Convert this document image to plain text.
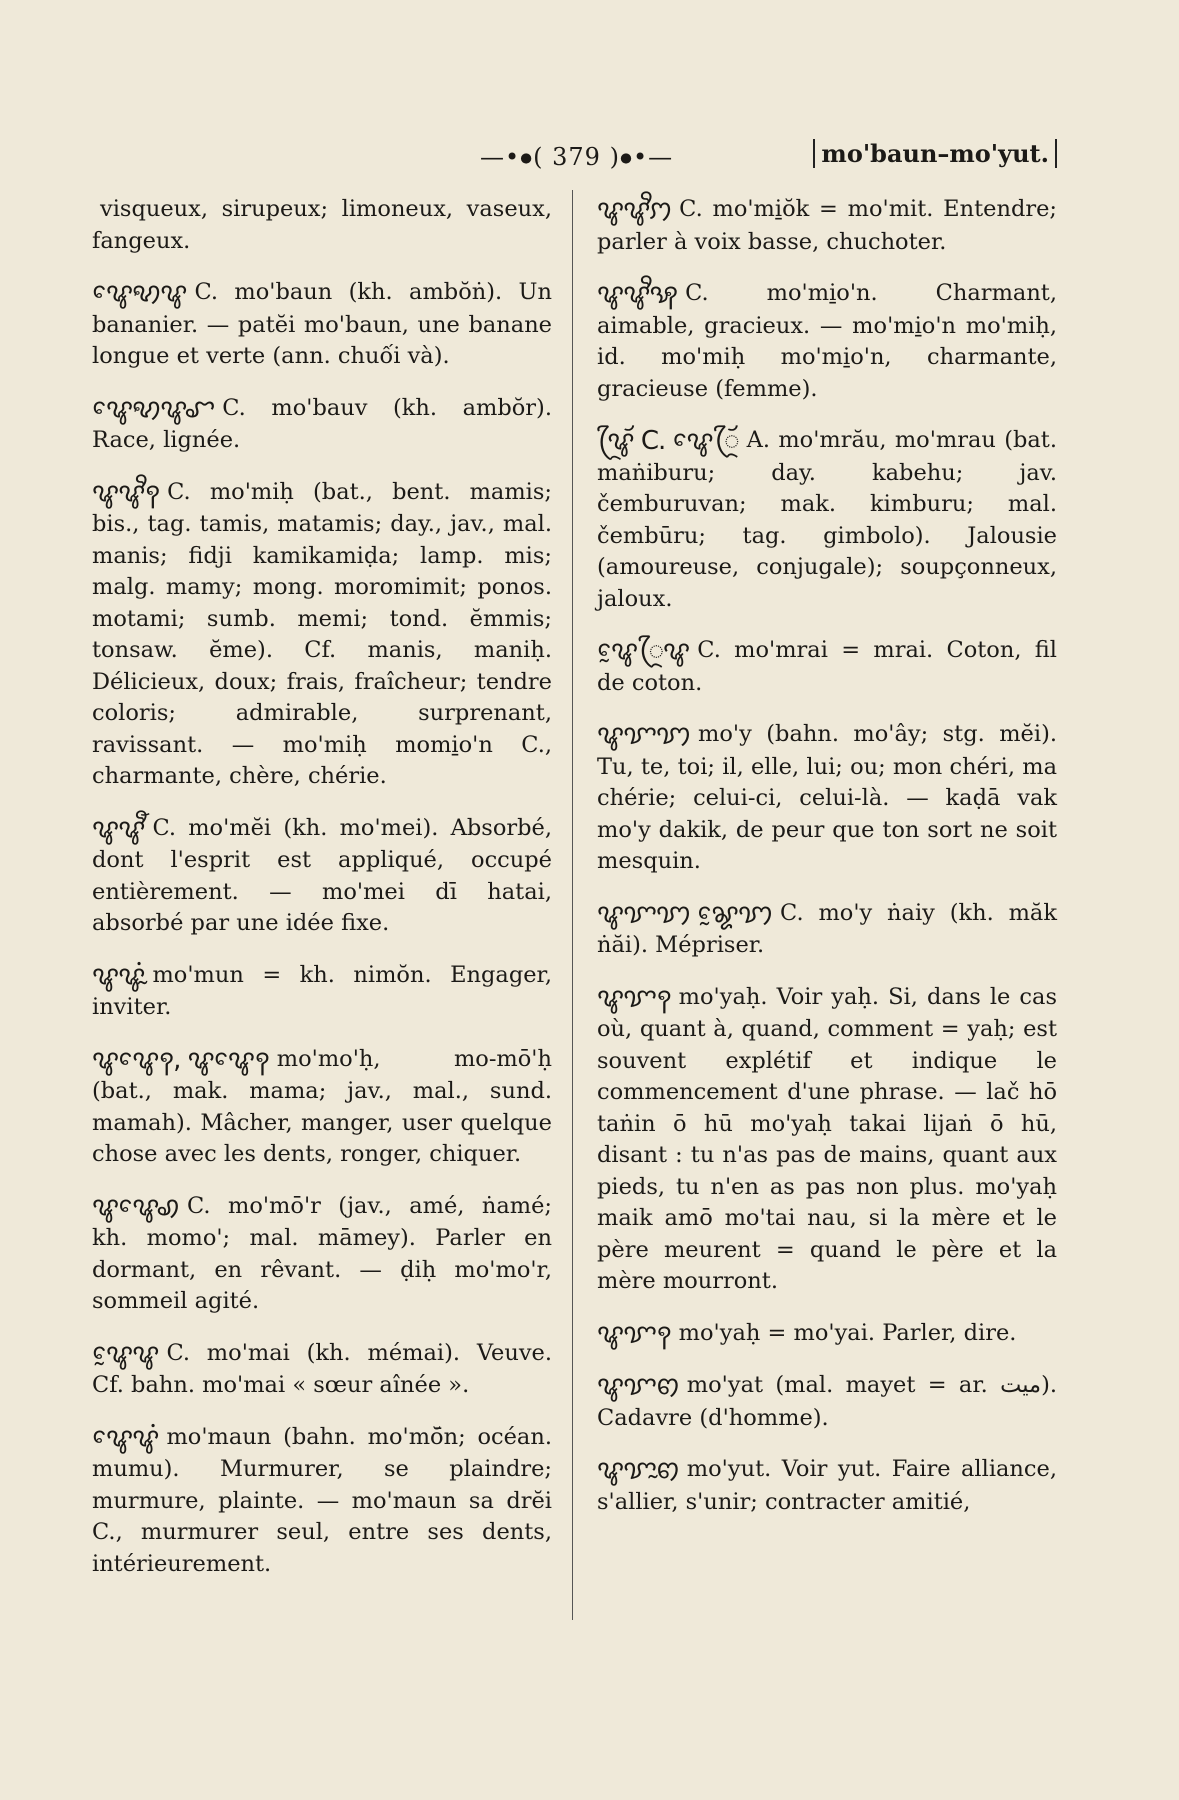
—•⦁( 379 )⦁•—	mo'baun–mo'yut.

visqueux, sirupeux; limoneux, vaseux, fangeux.

ꨥꨯꩋꨥ C. mo'baun (kh. ambŏṅ). Un bananier. — patĕi mo'baun, une banane longue et verte (ann. chuối và).

ꨥꨯꩋꨥꨧ C. mo'bauv (kh. ambŏr). Race, lignée.

ꨥꨥꨪꩍ C. mo'miḥ (bat., bent. mamis; bis., tag. tamis, matamis; day., jav., mal. manis; fidji kamikamiḍa; lamp. mis; malg. mamy; mong. moromimit; ponos. motami; sumb. memi; tond. ĕmmis; tonsaw. ĕme). Cf. manis, maniḥ. Délicieux, doux; frais, fraîcheur; tendre coloris; admirable, surprenant, ravissant. — mo'miḥ momi̱o'n C., charmante, chère, chérie.

ꨥꨥꨬ C. mo'mĕi (kh. mo'mei). Absorbé, dont l'esprit est appliqué, occupé entièrement. — mo'mei dī hatai, absorbé par une idée fixe.

ꨥꨥꨭꩌ mo'mun = kh. nimŏn. Engager, inviter.

ꨥꨥꨯꩍ, ꨥꨥꨯꩍ mo'mo'ḥ, mo-mō'ḥ (bat., mak. mama; jav., mal., sund. mamah). Mâcher, manger, user quelque chose avec les dents, ronger, chiquer.

ꨥꨥꨯꩉ C. mo'mō'r (jav., amé, ṅamé; kh. momo'; mal. māmey). Parler en dormant, en rêvant. — ḍiḥ mo'mo'r, sommeil agité.

ꨥꨰꨥ C. mo'mai (kh. mémai). Veuve. Cf. bahn. mo'mai « sœur aînée ».

ꨥꨯꨥꩌ mo'maun (bahn. mo'mŏ̄n; océan. mumu). Murmurer, se plaindre; murmure, plainte. — mo'maun sa drĕi C., murmurer seul, entre ses dents, intérieurement.

ꨥꨥꨪꩀ C. mo'mi̱ŏk = mo'mit. Entendre; parler à voix basse, chuchoter.

ꨥꨥꨪꩂ C. mo'mi̱o'n. Charmant, aimable, gracieux. — mo'mi̱o'n mo'miḥ, id. mo'miḥ mo'mi̱o'n, charmante, gracieuse (femme).

ꨥꨴꨮ C. ꨥꨯꨴꨮ A. mo'mrău, mo'mrau (bat. maṅiburu; day. kabehu; jav. čemburuvan; mak. kimburu; mal. čembūru; tag. gimbolo). Jalousie (amoureuse, conjugale); soupçonneux, jaloux.

ꨥꨰꨴꨥ C. mo'mrai = mrai. Coton, fil de coton.

ꨥꨢꩈ mo'y (bahn. mo'ây; stg. mĕi). Tu, te, toi; il, elle, lui; ou; mon chéri, ma chérie; celui-ci, celui-là. — kaḍā vak mo'y dakik, de peur que ton sort ne soit mesquin.

ꨥꨢꩈ ꨘꨰꩈ C. mo'y ṅaiy (kh. măk ṅăi). Mépriser.

ꨥꨢꩍ mo'yaḥ. Voir yaḥ. Si, dans le cas où, quant à, quand, comment = yaḥ; est souvent explétif et indique le commencement d'une phrase. — lač hō taṅin ō hū mo'yaḥ takai lijaṅ ō hū, disant : tu n'as pas de mains, quant aux pieds, tu n'en as pas non plus. mo'yaḥ maik amō mo'tai nau, si la mère et le père meurent = quand le père et la mère mourront.

ꨥꨢꩍ mo'yaḥ = mo'yai. Parler, dire.

ꨥꨢꩅ mo'yat (mal. mayet = ar. ميت). Cadavre (d'homme).

ꨥꨢꨭꩅ mo'yut. Voir yut. Faire alliance, s'allier, s'unir; contracter amitié,
